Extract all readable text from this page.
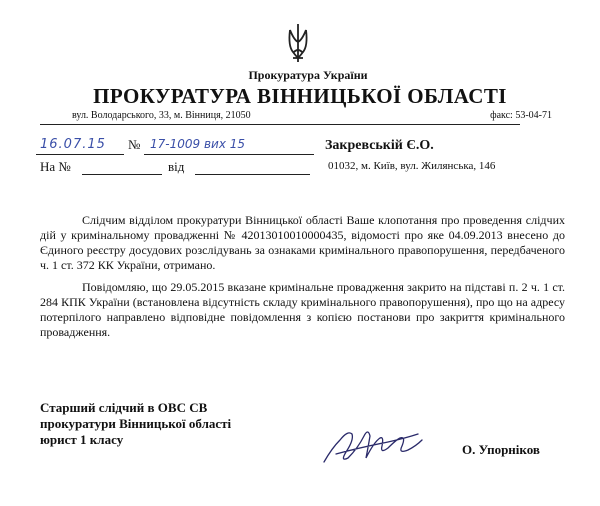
Прокуратура України
ПРОКУРАТУРА ВІННИЦЬКОЇ ОБЛАСТІ
вул. Володарського, 33, м. Вінниця, 21050	факс: 53-04-71
16.07.15 № 17-1009 вих 15
На №	від
Закревській Є.О.
01032, м. Київ, вул. Жилянська, 146

Слідчим відділом прокуратури Вінницької області Ваше клопотання про проведення слідчих дій у кримінальному провадженні № 42013010010000435, відомості про яке 04.09.2013 внесено до Єдиного реєстру досудових розслідувань за ознаками кримінального правопорушення, передбаченого ч. 1 ст. 372 КК України, отримано.

Повідомляю, що 29.05.2015 вказане кримінальне провадження закрито на підставі п. 2 ч. 1 ст. 284 КПК України (встановлена відсутність складу кримінального правопорушення), про що на адресу потерпілого направлено відповідне повідомлення з копією постанови про закриття кримінального провадження.

Старший слідчий в ОВС СВ
прокуратури Вінницької області
юрист 1 класу
О. Упорніков
